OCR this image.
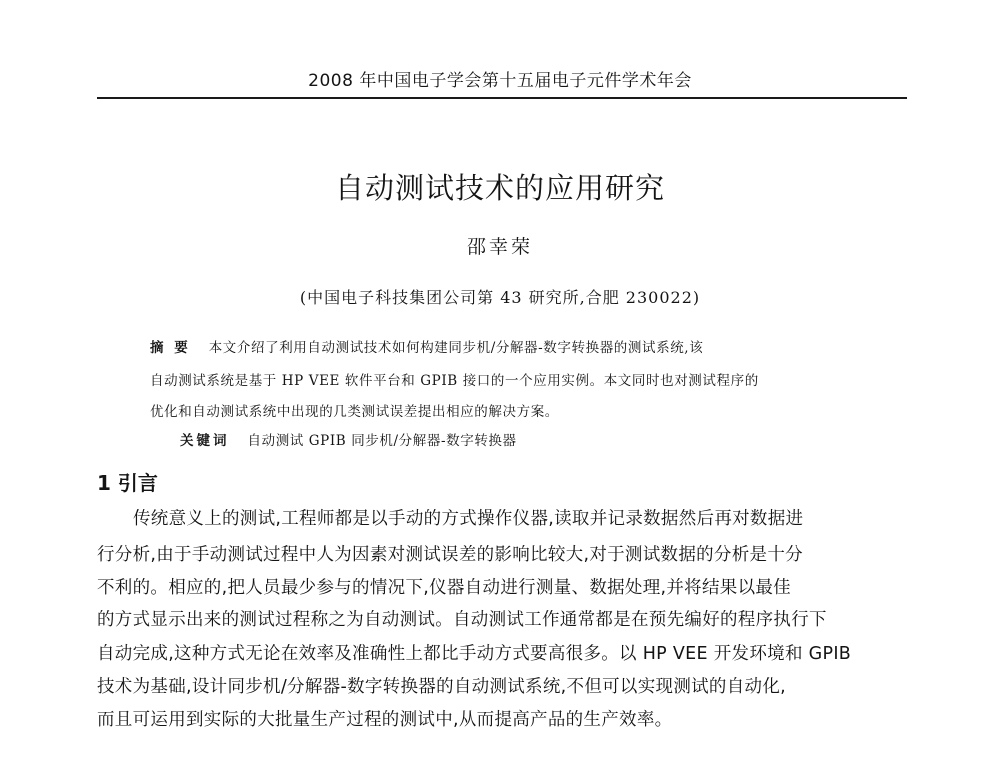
2008 年中国电子学会第十五届电子元件学术年会
自动测试技术的应用研究
邵幸荣
(中国电子科技集团公司第 43 研究所,合肥 230022)
摘 要 本文介绍了利用自动测试技术如何构建同步机/分解器-数字转换器的测试系统,该
自动测试系统是基于 HP VEE 软件平台和 GPIB 接口的一个应用实例。本文同时也对测试程序的
优化和自动测试系统中出现的几类测试误差提出相应的解决方案。
关键词 自动测试 GPIB 同步机/分解器-数字转换器
1 引言
传统意义上的测试,工程师都是以手动的方式操作仪器,读取并记录数据然后再对数据进
行分析,由于手动测试过程中人为因素对测试误差的影响比较大,对于测试数据的分析是十分
不利的。相应的,把人员最少参与的情况下,仪器自动进行测量、数据处理,并将结果以最佳
的方式显示出来的测试过程称之为自动测试。自动测试工作通常都是在预先编好的程序执行下
自动完成,这种方式无论在效率及准确性上都比手动方式要高很多。以 HP VEE 开发环境和 GPIB
技术为基础,设计同步机/分解器-数字转换器的自动测试系统,不但可以实现测试的自动化,
而且可运用到实际的大批量生产过程的测试中,从而提高产品的生产效率。
